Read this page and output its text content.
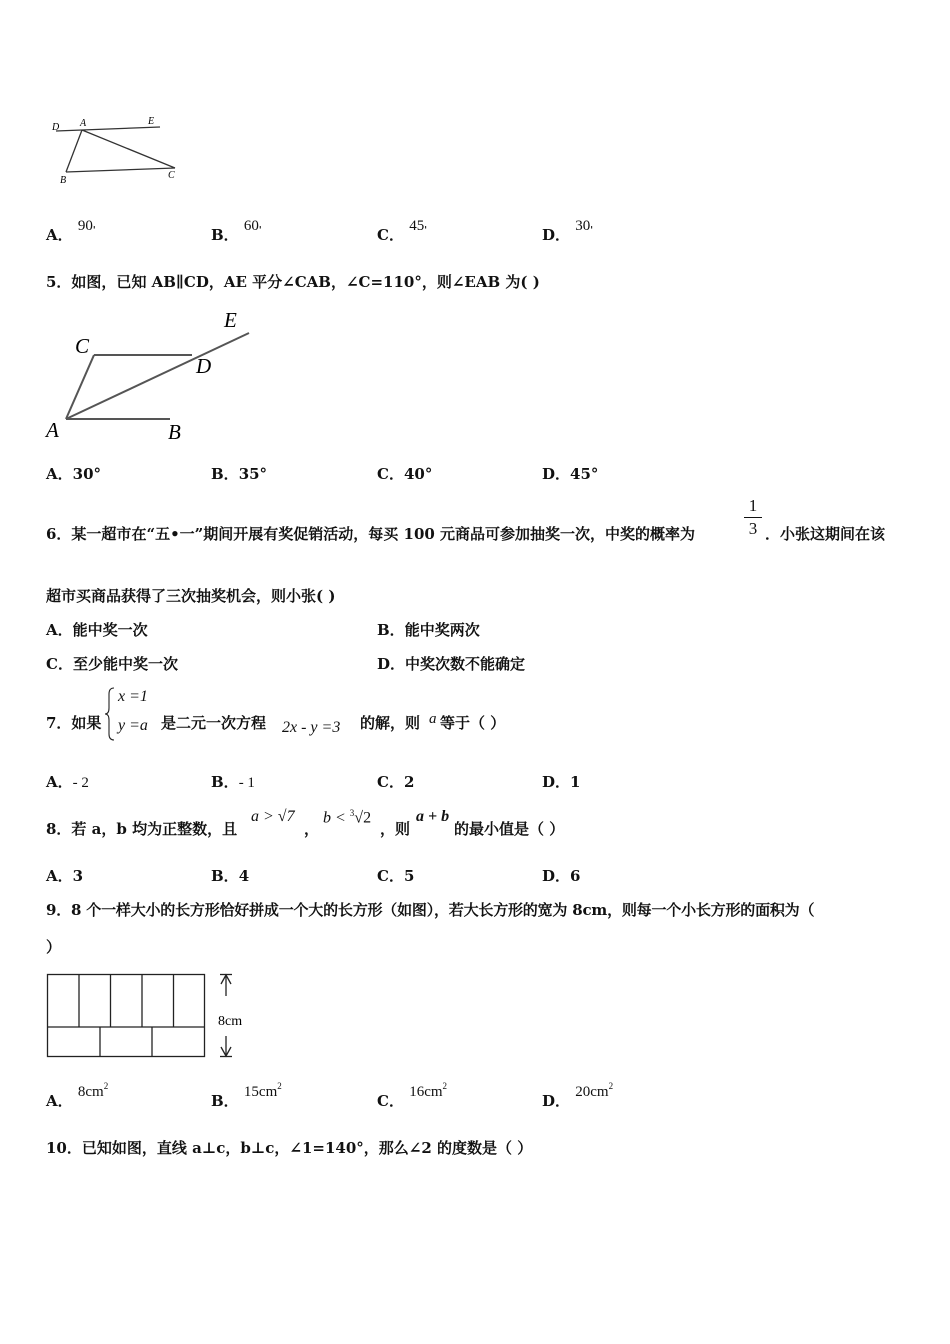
D A	E
B	C
A． 90'	B． 60'	C． 45'	D． 30'
5．如图，已知 AB∥CD，AE 平分∠CAB，∠C=110°，则∠EAB 为( )
E
C
D
A	B
A．30°	B．35°	C．40°	D．45°
6．某一超市在“五•一”期间开展有奖促销活动，每买 100 元商品可参加抽奖一次，中奖的概率为
1
3 ．小张这期间在该
超市买商品获得了三次抽奖机会，则小张( )
A．能中奖一次	B．能中奖两次
C．至少能中奖一次	D．中奖次数不能确定
7．如果
x =1
y =a 是二元一次方程 2x - y =3 的解，则 a 等于（ ）
A．- 2	B．- 1	C．2	D．1
8．若 a，b 均为正整数，且
a > √7
，
b < $^3$√2
，则
a + b
的最小值是（ ）
A．3	B．4	C．5	D．6
9．8 个一样大小的长方形恰好拼成一个大的长方形（如图），若大长方形的宽为 8cm，则每一个小长方形的面积为（
）
8cm
A． $8cm^2$
B． $15cm^2$
C． $16cm^2$
D． $20cm^2$
10．已知如图，直线 a⊥c，b⊥c，∠1=140°，那么∠2 的度数是（ ）
